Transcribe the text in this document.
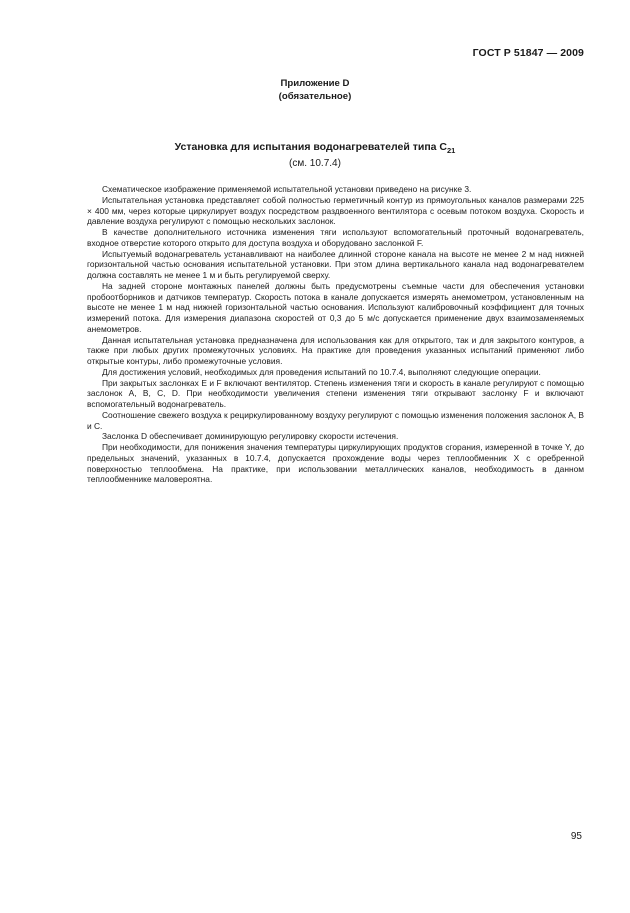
ГОСТ Р 51847 — 2009
Приложение D
(обязательное)
Установка для испытания водонагревателей типа $C_{21}$
(см. 10.7.4)

Схематическое изображение применяемой испытательной установки приведено на рисунке 3.

Испытательная установка представляет собой полностью герметичный контур из прямоугольных каналов размерами 225 × 400 мм, через которые циркулирует воздух посредством раздвоенного вентилятора с осевым потоком воздуха. Скорость и давление воздуха регулируют с помощью нескольких заслонок.

В качестве дополнительного источника изменения тяги используют вспомогательный проточный водонагреватель, входное отверстие которого открыто для доступа воздуха и оборудовано заслонкой F.

Испытуемый водонагреватель устанавливают на наиболее длинной стороне канала на высоте не менее 2 м над нижней горизонтальной частью основания испытательной установки. При этом длина вертикального канала над водонагревателем должна составлять не менее 1 м и быть регулируемой сверху.

На задней стороне монтажных панелей должны быть предусмотрены съемные части для обеспечения установки пробоотборников и датчиков температур. Скорость потока в канале допускается измерять анемометром, установленным на высоте не менее 1 м над нижней горизонтальной частью основания. Используют калибровочный коэффициент для точных измерений потока. Для измерения диапазона скоростей от 0,3 до 5 м/с допускается применение двух взаимозаменяемых анемометров.

Данная испытательная установка предназначена для использования как для открытого, так и для закрытого контуров, а также при любых других промежуточных условиях. На практике для проведения указанных испытаний применяют либо открытые контуры, либо промежуточные условия.

Для достижения условий, необходимых для проведения испытаний по 10.7.4, выполняют следующие операции.

При закрытых заслонках E и F включают вентилятор. Степень изменения тяги и скорость в канале регулируют с помощью заслонок A, B, C, D. При необходимости увеличения степени изменения тяги открывают заслонку F и включают вспомогательный водонагреватель.

Соотношение свежего воздуха к рециркулированному воздуху регулируют с помощью изменения положения заслонок A, B и C.

Заслонка D обеспечивает доминирующую регулировку скорости истечения.

При необходимости, для понижения значения температуры циркулирующих продуктов сгорания, измеренной в точке Y, до предельных значений, указанных в 10.7.4, допускается прохождение воды через теплообменник X с оребренной поверхностью теплообмена. На практике, при использовании металлических каналов, необходимость в данном теплообменнике маловероятна.

95
